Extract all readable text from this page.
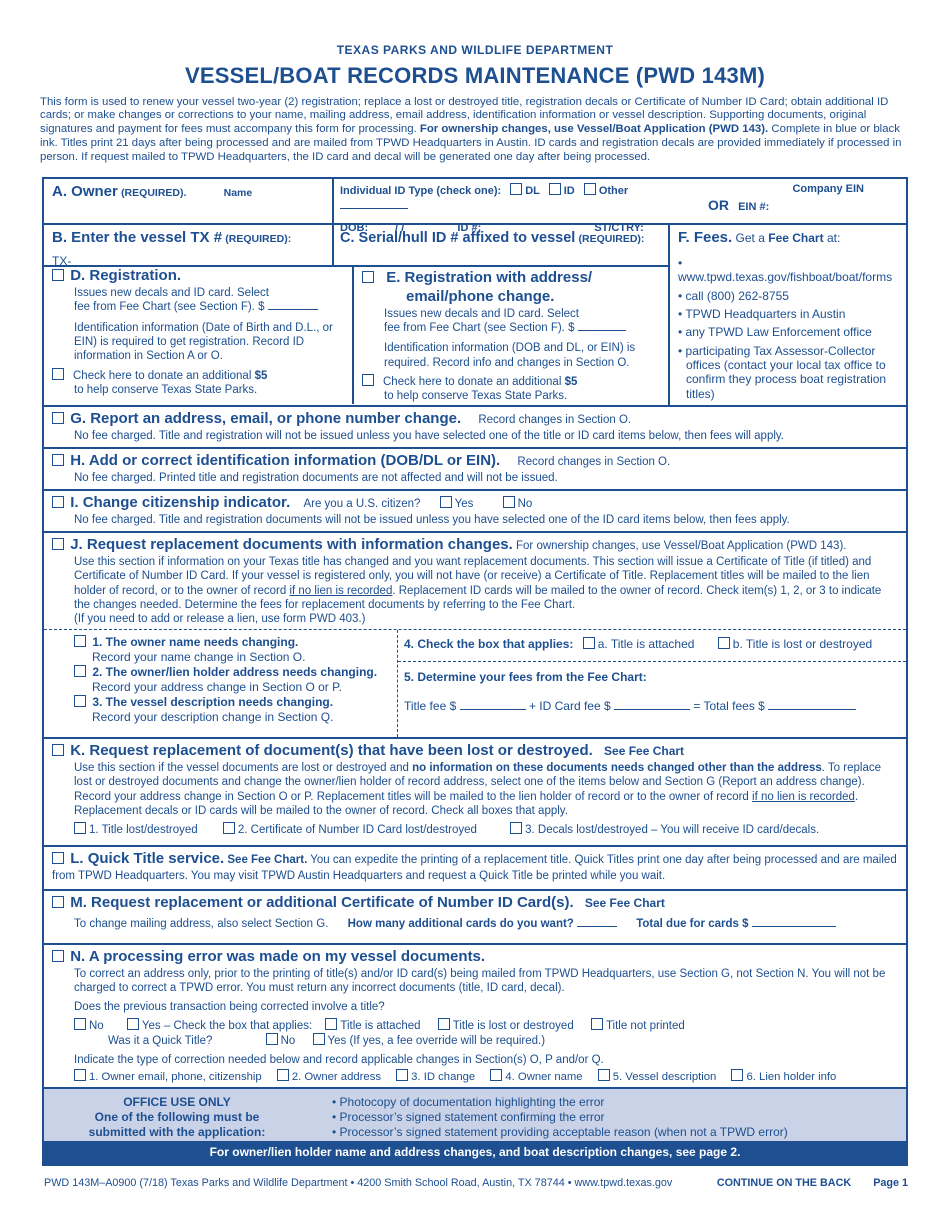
TEXAS PARKS AND WILDLIFE DEPARTMENT
VESSEL/BOAT RECORDS MAINTENANCE (PWD 143M)
This form is used to renew your vessel two-year (2) registration; replace a lost or destroyed title, registration decals or Certificate of Number ID Card; obtain additional ID cards; or make changes or corrections to your name, mailing address, email address, identification information or vessel description. Supporting documents, original signatures and payment for fees must accompany this form for processing. For ownership changes, use Vessel/Boat Application (PWD 143). Complete in blue or black ink. Titles print 21 days after being processed and are mailed from TPWD Headquarters in Austin. ID cards and registration decals are provided immediately if processed in person. If request mailed to TPWD Headquarters, the ID card and decal will be generated one day after being processed.
A. Owner (REQUIRED).	Name	Individual ID Type (check one): DL ID Other
DOB: / /	ID #:	ST/CTRY:
Company EIN
OR EIN #:
B. Enter the vessel TX # (REQUIRED):
TX-
C. Serial/hull ID # affixed to vessel (REQUIRED):
D. Registration.
Issues new decals and ID card. Select
fee from Fee Chart (see Section F). $
Identification information (Date of Birth and D.L., or EIN) is required to get registration. Record ID information in Section A or O.
Check here to donate an additional $5
to help conserve Texas State Parks.
E. Registration with address/
email/phone change.
Issues new decals and ID card. Select
fee from Fee Chart (see Section F). $
Identification information (DOB and DL, or EIN) is required. Record info and changes in Section O.
Check here to donate an additional $5
to help conserve Texas State Parks.
F. Fees. Get a Fee Chart at:
• www.tpwd.texas.gov/fishboat/boat/forms
• call (800) 262-8755
• TPWD Headquarters in Austin
• any TPWD Law Enforcement office
• participating Tax Assessor-Collector offices (contact your local tax office to confirm they process boat registration titles)
G. Report an address, email, or phone number change. Record changes in Section O.
No fee charged. Title and registration will not be issued unless you have selected one of the title or ID card items below, then fees will apply.
H. Add or correct identification information (DOB/DL or EIN). Record changes in Section O.
No fee charged. Printed title and registration documents are not affected and will not be issued.
I. Change citizenship indicator. Are you a U.S. citizen?	Yes	No
No fee charged. Title and registration documents will not be issued unless you have selected one of the ID card items below, then fees apply.
J. Request replacement documents with information changes. For ownership changes, use Vessel/Boat Application (PWD 143).
Use this section if information on your Texas title has changed and you want replacement documents. This section will issue a Certificate of Title (if titled) and Certificate of Number ID Card. If your vessel is registered only, you will not have (or receive) a Certificate of Title. Replacement titles will be mailed to the lien holder of record, or to the owner of record if no lien is recorded. Replacement ID cards will be mailed to the owner of record. Check item(s) 1, 2, or 3 to indicate the changes needed. Determine the fees for replacement documents by referring to the Fee Chart.
(If you need to add or release a lien, use form PWD 403.)
1. The owner name needs changing.
Record your name change in Section O.
2. The owner/lien holder address needs changing.
Record your address change in Section O or P.
3. The vessel description needs changing.
Record your description change in Section Q.
4. Check the box that applies: a. Title is attached	b. Title is lost or destroyed
5. Determine your fees from the Fee Chart:
Title fee $	+ ID Card fee $	= Total fees $
K. Request replacement of document(s) that have been lost or destroyed. See Fee Chart
Use this section if the vessel documents are lost or destroyed and no information on these documents needs changed other than the address. To replace lost or destroyed documents and change the owner/lien holder of record address, select one of the items below and Section G (Report an address change). Record your address change in Section O or P. Replacement titles will be mailed to the lien holder of record or to the owner of record if no lien is recorded. Replacement decals or ID cards will be mailed to the owner of record. Check all boxes that apply.
1. Title lost/destroyed	2. Certificate of Number ID Card lost/destroyed	3. Decals lost/destroyed – You will receive ID card/decals.
L. Quick Title service. See Fee Chart. You can expedite the printing of a replacement title. Quick Titles print one day after being processed and are mailed from TPWD Headquarters. You may visit TPWD Austin Headquarters and request a Quick Title be printed while you wait.
M. Request replacement or additional Certificate of Number ID Card(s). See Fee Chart
To change mailing address, also select Section G. How many additional cards do you want?	Total due for cards $
N. A processing error was made on my vessel documents.
To correct an address only, prior to the printing of title(s) and/or ID card(s) being mailed from TPWD Headquarters, use Section G, not Section N. You will not be charged to correct a TPWD error. You must return any incorrect documents (title, ID card, decal).
Does the previous transaction being corrected involve a title?
No	Yes – Check the box that applies: Title is attached	Title is lost or destroyed	Title not printed
Was it a Quick Title?	No	Yes (If yes, a fee override will be required.)
Indicate the type of correction needed below and record applicable changes in Section(s) O, P and/or Q.
1. Owner email, phone, citizenship	2. Owner address	3. ID change	4. Owner name	5. Vessel description	6. Lien holder info
OFFICE USE ONLY
One of the following must be
submitted with the application:
• Photocopy of documentation highlighting the error
• Processor’s signed statement confirming the error
• Processor’s signed statement providing acceptable reason (when not a TPWD error)
For owner/lien holder name and address changes, and boat description changes, see page 2.
PWD 143M–A0900 (7/18) Texas Parks and Wildlife Department • 4200 Smith School Road, Austin, TX 78744 • www.tpwd.texas.gov	CONTINUE ON THE BACK Page 1
